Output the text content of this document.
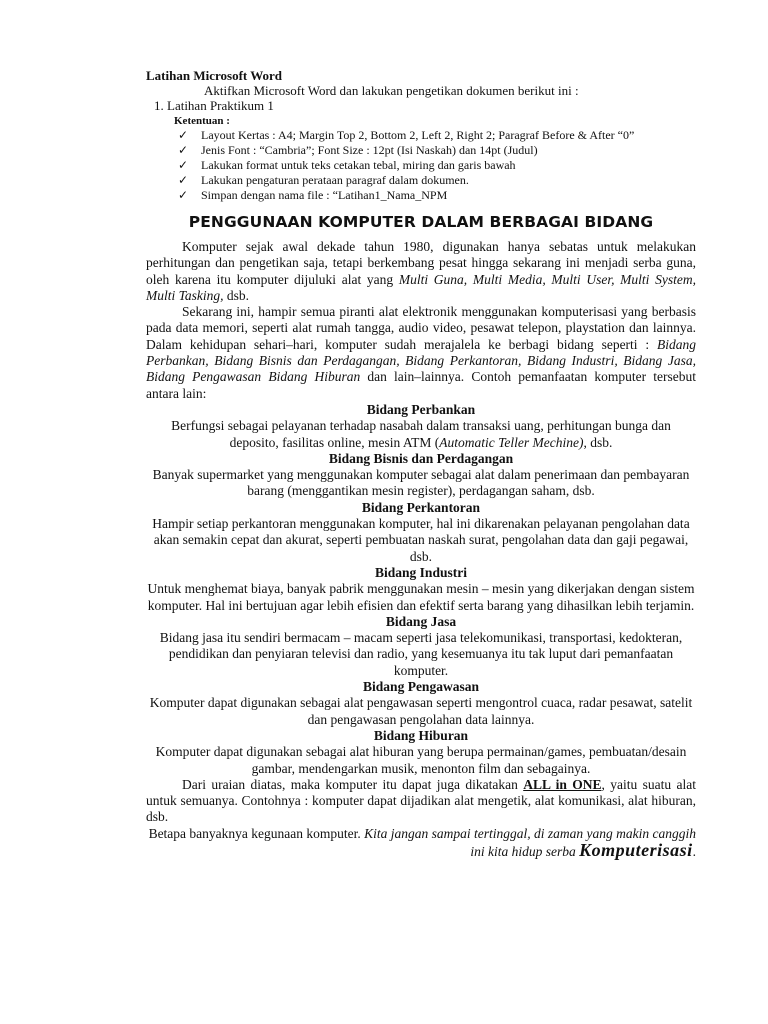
Latihan Microsoft Word
Aktifkan Microsoft Word dan lakukan pengetikan dokumen berikut ini :
1. Latihan Praktikum 1
Ketentuan :
✓ Layout Kertas : A4; Margin Top 2, Bottom 2, Left 2, Right 2; Paragraf Before & After “0”
✓ Jenis Font : “Cambria”; Font Size : 12pt (Isi Naskah) dan 14pt (Judul)
✓ Lakukan format untuk teks cetakan tebal, miring dan garis bawah
✓ Lakukan pengaturan perataan paragraf dalam dokumen.
✓ Simpan dengan nama file : “Latihan1_Nama_NPM
PENGGUNAAN KOMPUTER DALAM BERBAGAI BIDANG

Komputer sejak awal dekade tahun 1980, digunakan hanya sebatas untuk melakukan perhitungan dan pengetikan saja, tetapi berkembang pesat hingga sekarang ini menjadi serba guna, oleh karena itu komputer dijuluki alat yang Multi Guna, Multi Media, Multi User, Multi System, Multi Tasking, dsb.

Sekarang ini, hampir semua piranti alat elektronik menggunakan komputerisasi yang berbasis pada data memori, seperti alat rumah tangga, audio video, pesawat telepon, playstation dan lainnya. Dalam kehidupan sehari–hari, komputer sudah merajalela ke berbagi bidang seperti : Bidang Perbankan, Bidang Bisnis dan Perdagangan, Bidang Perkantoran, Bidang Industri, Bidang Jasa, Bidang Pengawasan Bidang Hiburan dan lain–lainnya. Contoh pemanfaatan komputer tersebut antara lain:

Bidang Perbankan

Berfungsi sebagai pelayanan terhadap nasabah dalam transaksi uang, perhitungan bunga dan deposito, fasilitas online, mesin ATM (Automatic Teller Mechine), dsb.

Bidang Bisnis dan Perdagangan

Banyak supermarket yang menggunakan komputer sebagai alat dalam penerimaan dan pembayaran barang (menggantikan mesin register), perdagangan saham, dsb.

Bidang Perkantoran

Hampir setiap perkantoran menggunakan komputer, hal ini dikarenakan pelayanan pengolahan data akan semakin cepat dan akurat, seperti pembuatan naskah surat, pengolahan data dan gaji pegawai, dsb.

Bidang Industri

Untuk menghemat biaya, banyak pabrik menggunakan mesin – mesin yang dikerjakan dengan sistem komputer. Hal ini bertujuan agar lebih efisien dan efektif serta barang yang dihasilkan lebih terjamin.

Bidang Jasa

Bidang jasa itu sendiri bermacam – macam seperti jasa telekomunikasi, transportasi, kedokteran, pendidikan dan penyiaran televisi dan radio, yang kesemuanya itu tak luput dari pemanfaatan komputer.

Bidang Pengawasan

Komputer dapat digunakan sebagai alat pengawasan seperti mengontrol cuaca, radar pesawat, satelit dan pengawasan pengolahan data lainnya.

Bidang Hiburan

Komputer dapat digunakan sebagai alat hiburan yang berupa permainan/games, pembuatan/desain gambar, mendengarkan musik, menonton film dan sebagainya.

Dari uraian diatas, maka komputer itu dapat juga dikatakan ALL in ONE, yaitu suatu alat untuk semuanya. Contohnya : komputer dapat dijadikan alat mengetik, alat komunikasi, alat hiburan, dsb.

Betapa banyaknya kegunaan komputer. Kita jangan sampai tertinggal, di zaman yang makin canggih ini kita hidup serba Komputerisasi.
